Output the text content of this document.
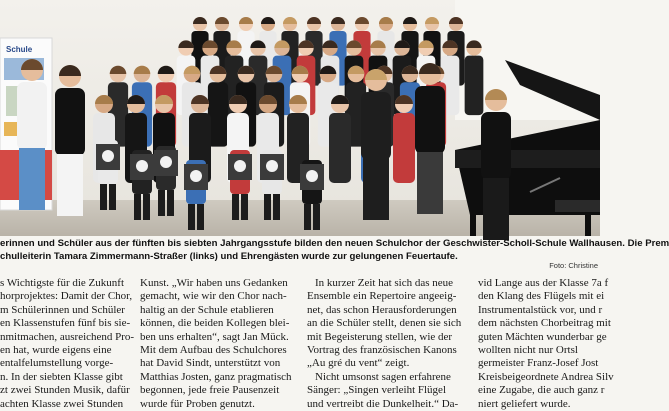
Schule
erinnen und Schüler aus der fünften bis siebten Jahrgangsstufe bilden den neuen Schulchor der Geschwister-Scholl-Schule Wallhausen. Die Prem
chulleiterin Tamara Zimmermann-Straßer (links) und Ehrengästen wurde zur gelungenen Feuertaufe.
Foto: Christine
s Wichtigste für die Zukunft
horprojektes: Damit der Chor,
m Schülerinnen und Schüler
en Klassenstufen fünf bis sie-
nmitmachen, ausreichend Pro-
en hat, wurde eigens eine
entalfelumstellung vorge-
n. In der siebten Klasse gibt
zt zwei Stunden Musik, dafür
achten Klasse zwei Stunden
Kunst. „Wir haben uns Gedanken
gemacht, wie wir den Chor nach-
haltig an der Schule etablieren
können, die beiden Kollegen blei-
ben uns erhalten“, sagt Jan Mück.
Mit dem Aufbau des Schulchores
hat David Sindt, unterstützt von
Matthias Josten, ganz pragmatisch
begonnen, jede freie Pausenzeit
wurde für Proben genutzt.
In kurzer Zeit hat sich das neue
Ensemble ein Repertoire angeeig-
net, das schon Herausforderungen
an die Schüler stellt, denen sie sich
mit Begeisterung stellen, wie der
Vortrag des französischen Kanons
„Au gré du vent“ zeigt.
Nicht umsonst sagen erfahrene
Sänger: „Singen verleiht Flügel
und vertreibt die Dunkelheit.“ Da-
vid Lange aus der Klasse 7a f
den Klang des Flügels mit ei
Instrumentalstück vor, und r
dem nächsten Chorbeitrag mit
guten Mächten wunderbar ge
wollten nicht nur Ortsl
germeister Franz-Josef Jost
Kreisbeigeordnete Andrea Silv
eine Zugabe, die auch ganz r
niert geliefert wurde.
